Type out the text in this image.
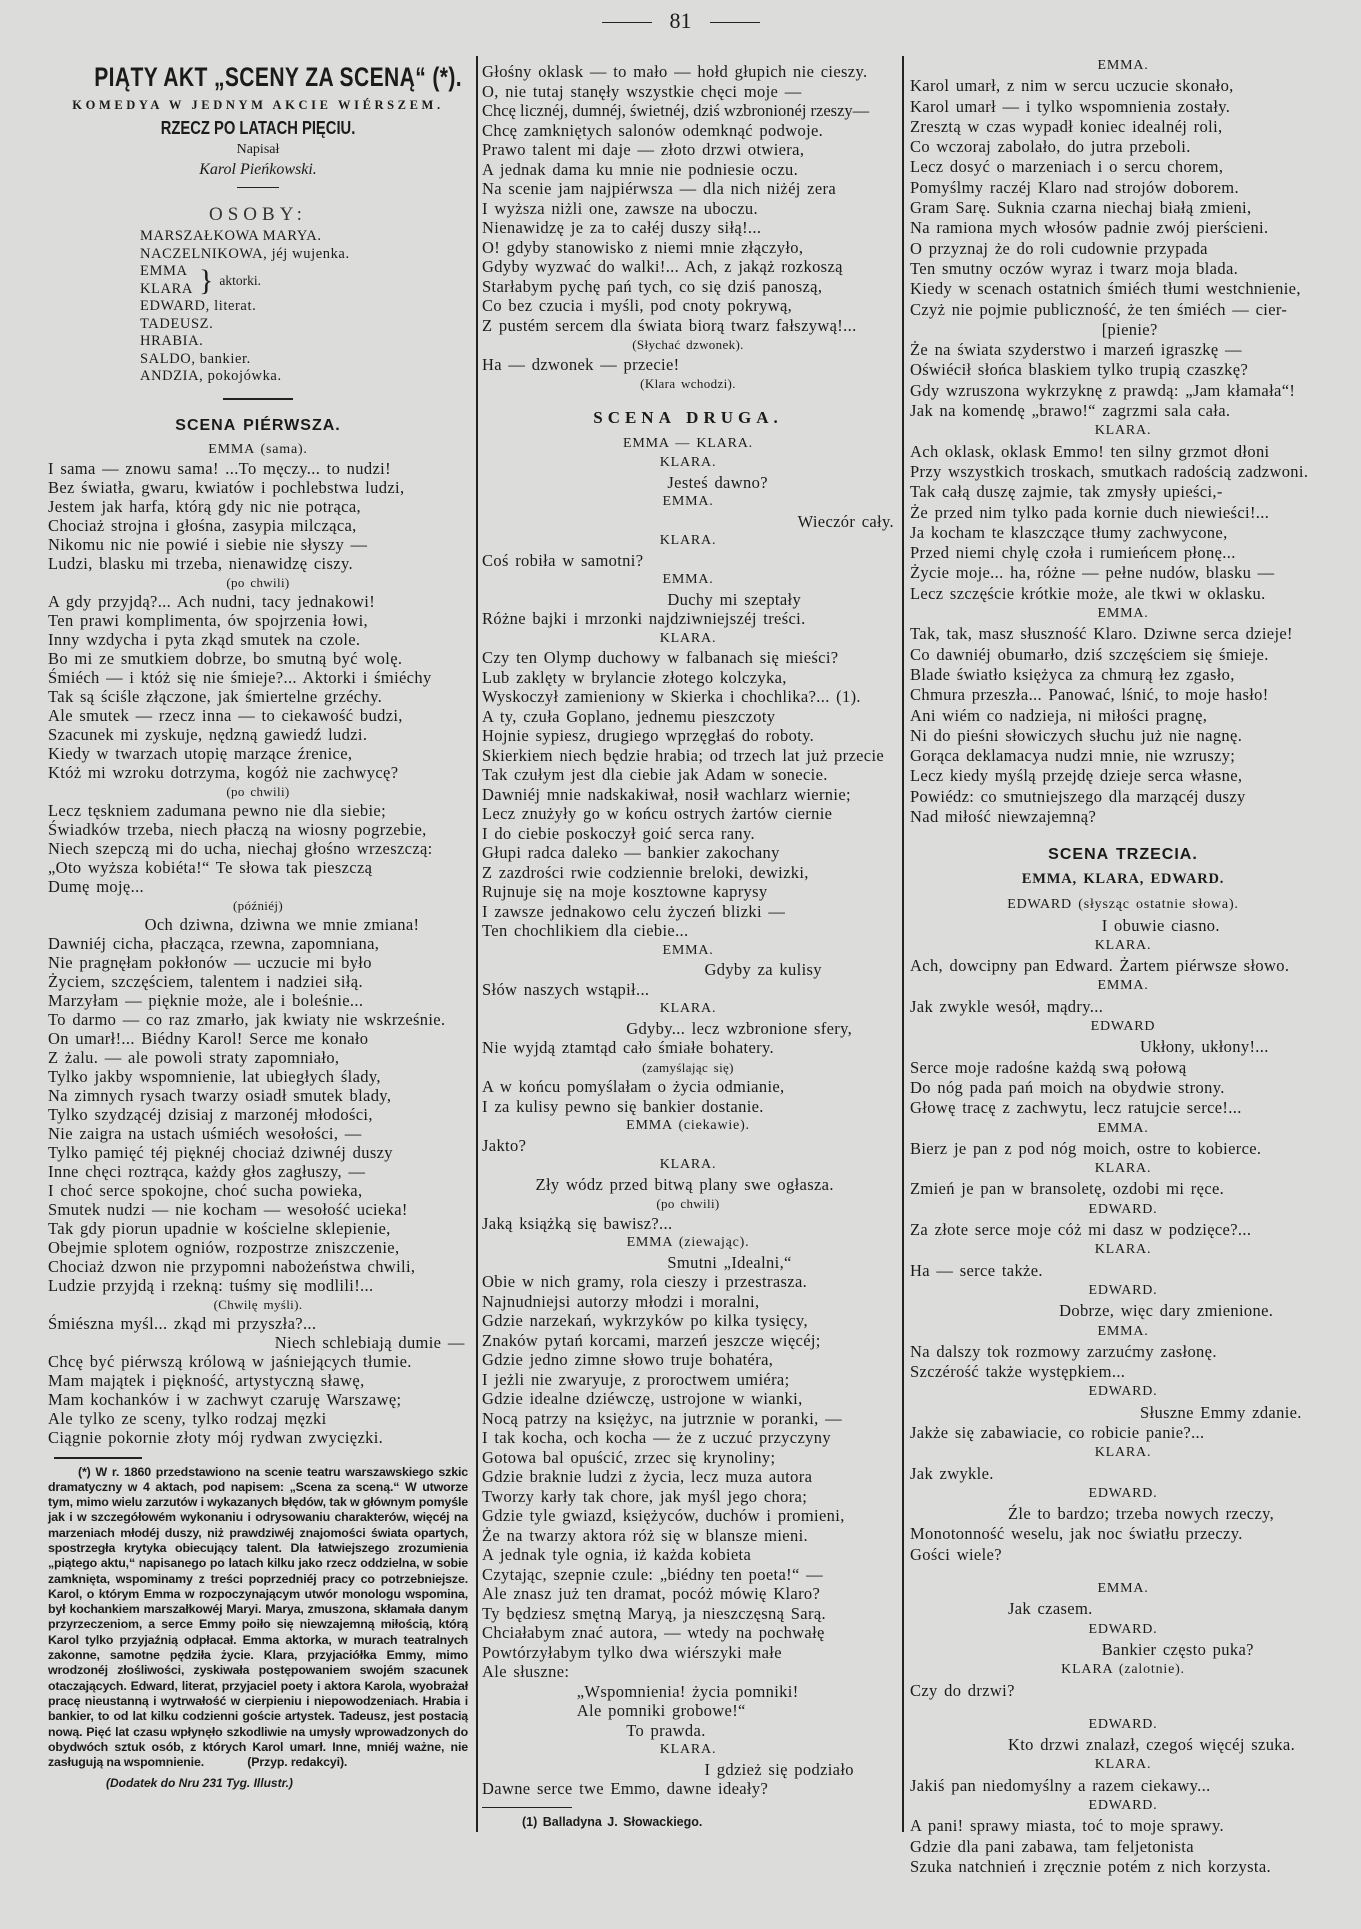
81
PIĄTY AKT „SCENY ZA SCENĄ“ (*).
KOMEDYA W JEDNYM AKCIE WIÉRSZEM.
RZECZ PO LATACH PIĘCIU.
Napisał
Karol Pieńkowski.
OSOBY:
MARSZAŁKOWA MARYA.
NACZELNIKOWA, jéj wujenka.
EMMA
KLARA } aktorki.
EDWARD, literat.
TADEUSZ.
HRABIA.
SALDO, bankier.
ANDZIA, pokojówka.
SCENA PIÉRWSZA.
EMMA (sama).
I sama — znowu sama! ...To męczy... to nudzi!
Bez światła, gwaru, kwiatów i pochlebstwa ludzi,
Jestem jak harfa, którą gdy nic nie potrąca,
Chociaż strojna i głośna, zasypia milcząca,
Nikomu nic nie powié i siebie nie słyszy —
Ludzi, blasku mi trzeba, nienawidzę ciszy.
(po chwili)
A gdy przyjdą?... Ach nudni, tacy jednakowi!
Ten prawi komplimenta, ów spojrzenia łowi,
Inny wzdycha i pyta zkąd smutek na czole.
Bo mi ze smutkiem dobrze, bo smutną być wolę.
Śmiéch — i któż się nie śmieje?... Aktorki i śmiéchy
Tak są ściśle złączone, jak śmiertelne grzéchy.
Ale smutek — rzecz inna — to ciekawość budzi,
Szacunek mi zyskuje, nędzną gawiedź ludzi.
Kiedy w twarzach utopię marzące źrenice,
Któż mi wzroku dotrzyma, kogóż nie zachwycę?
(po chwili)
Lecz tęskniem zadumana pewno nie dla siebie;
Świadków trzeba, niech płaczą na wiosny pogrzebie,
Niech szepczą mi do ucha, niechaj głośno wrzeszczą:
„Oto wyższa kobiéta!“ Te słowa tak pieszczą
Dumę moję...
(późniéj)
Och dziwna, dziwna we mnie zmiana!
Dawniéj cicha, płacząca, rzewna, zapomniana,
Nie pragnęłam pokłonów — uczucie mi było
Życiem, szczęściem, talentem i nadziei siłą.
Marzyłam — pięknie może, ale i boleśnie...
To darmo — co raz zmarło, jak kwiaty nie wskrześnie.
On umarł!... Biédny Karol! Serce me konało
Z żalu. — ale powoli straty zapomniało,
Tylko jakby wspomnienie, lat ubiegłych ślady,
Na zimnych rysach twarzy osiadł smutek blady,
Tylko szydzącéj dzisiaj z marzonéj młodości,
Nie zaigra na ustach uśmiéch wesołości, —
Tylko pamięć téj pięknéj chociaż dziwnéj duszy
Inne chęci roztrąca, każdy głos zagłuszy, —
I choć serce spokojne, choć sucha powieka,
Smutek nudzi — nie kocham — wesołość ucieka!
Tak gdy piorun upadnie w kościelne sklepienie,
Obejmie splotem ogniów, rozpostrze zniszczenie,
Chociaż dzwon nie przypomni nabożeństwa chwili,
Ludzie przyjdą i rzekną: tuśmy się modlili!...
(Chwilę myśli).
Śmiészna myśl... zkąd mi przyszła?...
Niech schlebiają dumie —
Chcę być piérwszą królową w jaśniejących tłumie.
Mam majątek i piękność, artystyczną sławę,
Mam kochanków i w zachwyt czaruję Warszawę;
Ale tylko ze sceny, tylko rodzaj męzki
Ciągnie pokornie złoty mój rydwan zwycięzki.
(*) W r. 1860 przedstawiono na scenie teatru warszawskiego szkic dramatyczny w 4 aktach, pod napisem: „Scena za sceną.“ W utworze tym, mimo wielu zarzutów i wykazanych błędów, tak w głównym pomyśle jak i w szczegółowém wykonaniu i odrysowaniu charakterów, więcéj na marzeniach młodéj duszy, niż prawdziwéj znajomości świata opartych, spostrzegła krytyka obiecujący talent. Dla łatwiejszego zrozumienia „piątego aktu,“ napisanego po latach kilku jako rzecz oddzielna, w sobie zamknięta, wspominamy z treści poprzedniéj pracy co potrzebniejsze. Karol, o którym Emma w rozpoczynającym utwór monologu wspomina, był kochankiem marszałkowéj Maryi. Marya, zmuszona, skłamała danym przyrzeczeniom, a serce Emmy poiło się niewzajemną miłością, którą Karol tylko przyjaźnią odpłacał. Emma aktorka, w murach teatralnych zakonne, samotne pędziła życie. Klara, przyjaciółka Emmy, mimo wrodzonéj złośliwości, zyskiwała postępowaniem swojém szacunek otaczających. Edward, literat, przyjaciel poety i aktora Karola, wyobrażał pracę nieustanną i wytrwałość w cierpieniu i niepowodzeniach. Hrabia i bankier, to od lat kilku codzienni goście artystek. Tadeusz, jest postacią nową. Pięć lat czasu wpłynęło szkodliwie na umysły wprowadzonych do obydwóch sztuk osób, z których Karol umarł. Inne, mniéj ważne, nie zasługują na wspomnienie.	(Przyp. redakcyi).
(Dodatek do Nru 231 Tyg. Illustr.)
Głośny oklask — to mało — hołd głupich nie cieszy.
O, nie tutaj stanęły wszystkie chęci moje —
Chcę licznéj, dumnéj, świetnéj, dziś wzbronionéj rzeszy—
Chcę zamkniętych salonów odemknąć podwoje.
Prawo talent mi daje — złoto drzwi otwiera,
A jednak dama ku mnie nie podniesie oczu.
Na scenie jam najpiérwsza — dla nich niżéj zera
I wyższa niżli one, zawsze na uboczu.
Nienawidzę je za to całéj duszy siłą!...
O! gdyby stanowisko z niemi mnie złączyło,
Gdyby wyzwać do walki!... Ach, z jakąż rozkoszą
Starłabym pychę pań tych, co się dziś panoszą,
Co bez czucia i myśli, pod cnoty pokrywą,
Z pustém sercem dla świata biorą twarz fałszywą!...
(Słychać dzwonek).
Ha — dzwonek — przecie!
(Klara wchodzi).
SCENA DRUGA.
EMMA — KLARA.
KLARA.
Jesteś dawno?
EMMA.
Wieczór cały.
KLARA.
Coś robiła w samotni?
EMMA.
Duchy mi szeptały
Różne bajki i mrzonki najdziwniejszéj treści.
KLARA.
Czy ten Olymp duchowy w falbanach się mieści?
Lub zaklęty w brylancie złotego kolczyka,
Wyskoczył zamieniony w Skierka i chochlika?... (1).
A ty, czuła Goplano, jednemu pieszczoty
Hojnie sypiesz, drugiego wprzęgłaś do roboty.
Skierkiem niech będzie hrabia; od trzech lat już przecie
Tak czułym jest dla ciebie jak Adam w sonecie.
Dawniéj mnie nadskakiwał, nosił wachlarz wiernie;
Lecz znużyły go w końcu ostrych żartów ciernie
I do ciebie poskoczył goić serca rany.
Głupi radca daleko — bankier zakochany
Z zazdrości rwie codziennie breloki, dewizki,
Rujnuje się na moje kosztowne kaprysy
I zawsze jednakowo celu życzeń blizki —
Ten chochlikiem dla ciebie...
EMMA.
Gdyby za kulisy
Słów naszych wstąpił...
KLARA.
Gdyby... lecz wzbronione sfery,
Nie wyjdą ztamtąd cało śmiałe bohatery.
(zamyślając się)
A w końcu pomyślałam o życia odmianie,
I za kulisy pewno się bankier dostanie.
EMMA (ciekawie).
Jakto?
KLARA.
Zły wódz przed bitwą plany swe ogłasza.
(po chwili)
Jaką książką się bawisz?...
EMMA (ziewając).
Smutni „Idealni,“
Obie w nich gramy, rola cieszy i przestrasza.
Najnudniejsi autorzy młodzi i moralni,
Gdzie narzekań, wykrzyków po kilka tysięcy,
Znaków pytań korcami, marzeń jeszcze więcéj;
Gdzie jedno zimne słowo truje bohatéra,
I jeżli nie zwaryuje, z proroctwem umiéra;
Gdzie idealne dziéwczę, ustrojone w wianki,
Nocą patrzy na księżyc, na jutrznie w poranki, —
I tak kocha, och kocha — że z uczuć przyczyny
Gotowa bal opuścić, zrzec się krynoliny;
Gdzie braknie ludzi z życia, lecz muza autora
Tworzy karły tak chore, jak myśl jego chora;
Gdzie tyle gwiazd, księżyców, duchów i promieni,
Że na twarzy aktora róż się w blansze mieni.
A jednak tyle ognia, iż każda kobieta
Czytając, szepnie czule: „biédny ten poeta!“ —
Ale znasz już ten dramat, pocóż mówię Klaro?
Ty będziesz smętną Maryą, ja nieszczęsną Sarą.
Chciałabym znać autora, — wtedy na pochwałę
Powtórzyłabym tylko dwa wiérszyki małe
Ale słuszne:
„Wspomnienia! życia pomniki!
Ale pomniki grobowe!“
To prawda.
KLARA.
I gdzież się podziało
Dawne serce twe Emmo, dawne ideały?
(1) Balladyna J. Słowackiego.
EMMA.
Karol umarł, z nim w sercu uczucie skonało,
Karol umarł — i tylko wspomnienia zostały.
Zresztą w czas wypadł koniec idealnéj roli,
Co wczoraj zabolało, do jutra przeboli.
Lecz dosyć o marzeniach i o sercu chorem,
Pomyślmy raczéj Klaro nad strojów doborem.
Gram Sarę. Suknia czarna niechaj białą zmieni,
Na ramiona mych włosów padnie zwój pierścieni.
O przyznaj że do roli cudownie przypada
Ten smutny oczów wyraz i twarz moja blada.
Kiedy w scenach ostatnich śmiéch tłumi westchnienie,
Czyż nie pojmie publiczność, że ten śmiéch — cier-
[pienie?
Że na świata szyderstwo i marzeń igraszkę —
Oświécił słońca blaskiem tylko trupią czaszkę?
Gdy wzruszona wykrzyknę z prawdą: „Jam kłamała“!
Jak na komendę „brawo!“ zagrzmi sala cała.
KLARA.
Ach oklask, oklask Emmo! ten silny grzmot dłoni
Przy wszystkich troskach, smutkach radością zadzwoni.
Tak całą duszę zajmie, tak zmysły upieści,-
Że przed nim tylko pada kornie duch niewieści!...
Ja kocham te klaszczące tłumy zachwycone,
Przed niemi chylę czoła i rumieńcem płonę...
Życie moje... ha, różne — pełne nudów, blasku —
Lecz szczęście krótkie może, ale tkwi w oklasku.
EMMA.
Tak, tak, masz słuszność Klaro. Dziwne serca dzieje!
Co dawniéj obumarło, dziś szczęściem się śmieje.
Blade światło księżyca za chmurą łez zgasło,
Chmura przeszła... Panować, lśnić, to moje hasło!
Ani wiém co nadzieja, ni miłości pragnę,
Ni do pieśni słowiczych słuchu już nie nagnę.
Gorąca deklamacya nudzi mnie, nie wzruszy;
Lecz kiedy myślą przejdę dzieje serca własne,
Powiédz: co smutniejszego dla marzącéj duszy
Nad miłość niewzajemną?
SCENA TRZECIA.
EMMA, KLARA, EDWARD.
EDWARD (słysząc ostatnie słowa).
I obuwie ciasno.
KLARA.
Ach, dowcipny pan Edward. Żartem piérwsze słowo.
EMMA.
Jak zwykle wesół, mądry...
EDWARD
Ukłony, ukłony!...
Serce moje radośne każdą swą połową
Do nóg pada pań moich na obydwie strony.
Głowę tracę z zachwytu, lecz ratujcie serce!...
EMMA.
Bierz je pan z pod nóg moich, ostre to kobierce.
KLARA.
Zmień je pan w bransoletę, ozdobi mi ręce.
EDWARD.
Za złote serce moje cóż mi dasz w podzięce?...
KLARA.
Ha — serce także.
EDWARD.
Dobrze, więc dary zmienione.
EMMA.
Na dalszy tok rozmowy zarzućmy zasłonę.
Szczérość także występkiem...
EDWARD.
Słuszne Emmy zdanie.
Jakże się zabawiacie, co robicie panie?...
KLARA.
Jak zwykle.
EDWARD.
Źle to bardzo; trzeba nowych rzeczy,
Monotonność weselu, jak noc światłu przeczy.
Gości wiele?
EMMA.
Jak czasem.
EDWARD.
Bankier często puka?
KLARA (zalotnie).
Czy do drzwi?
EDWARD.
Kto drzwi znalazł, czegoś więcéj szuka.
KLARA.
Jakiś pan niedomyślny a razem ciekawy...
EDWARD.
A pani! sprawy miasta, toć to moje sprawy.
Gdzie dla pani zabawa, tam feljetonista
Szuka natchnień i zręcznie potém z nich korzysta.
